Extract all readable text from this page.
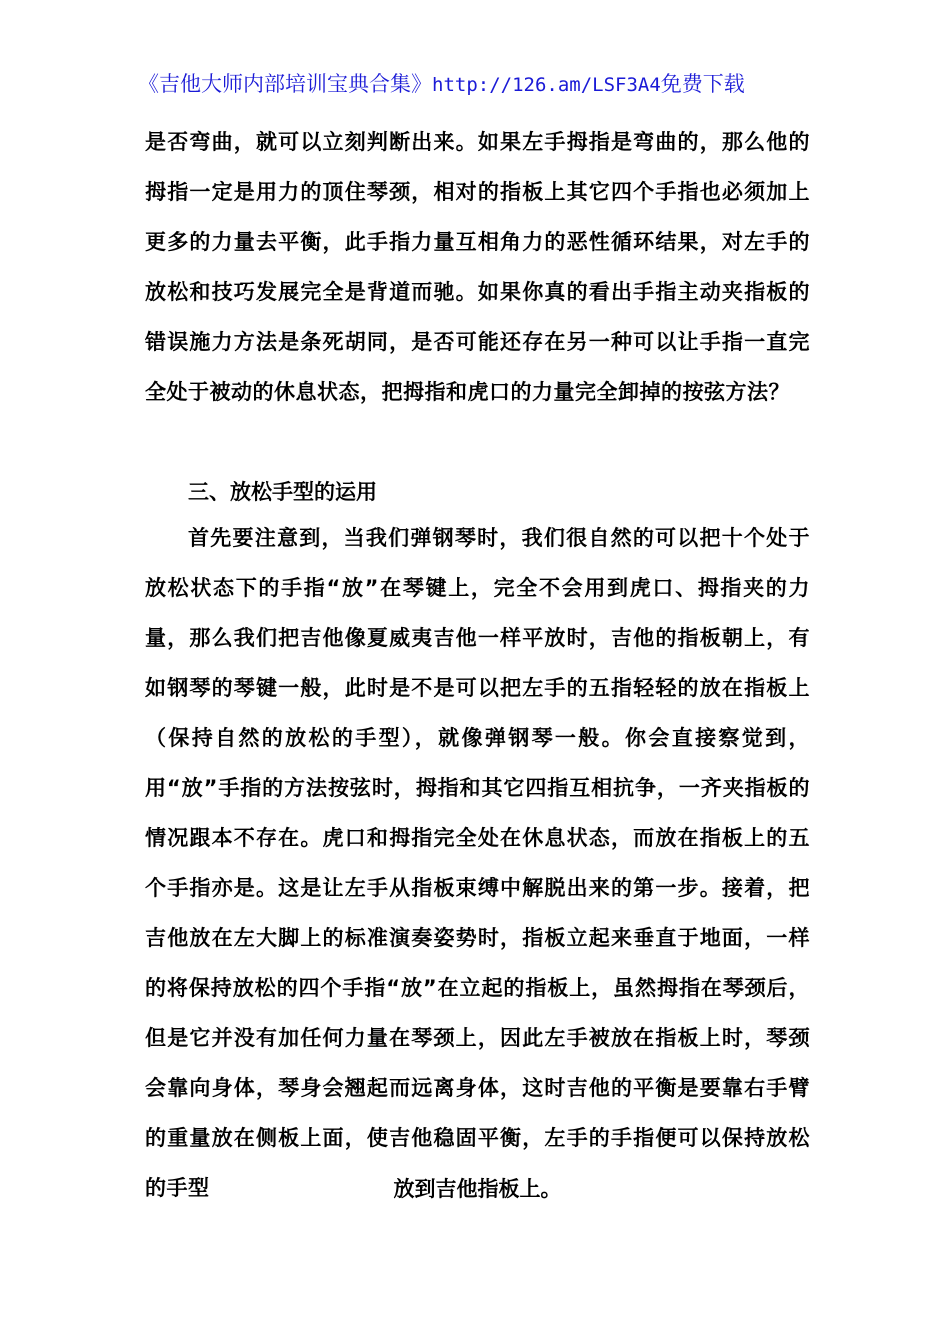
《吉他大师内部培训宝典合集》http://126.am/LSF3A4免费下载

是否弯曲，就可以立刻判断出来。如果左手拇指是弯曲的，那么他的拇指一定是用力的顶住琴颈，相对的指板上其它四个手指也必须加上更多的力量去平衡，此手指力量互相角力的恶性循环结果，对左手的放松和技巧发展完全是背道而驰。如果你真的看出手指主动夹指板的错误施力方法是条死胡同，是否可能还存在另一种可以让手指一直完全处于被动的休息状态，把拇指和虎口的力量完全卸掉的按弦方法？

三、放松手型的运用

首先要注意到，当我们弹钢琴时，我们很自然的可以把十个处于放松状态下的手指“放”在琴键上，完全不会用到虎口、拇指夹的力量，那么我们把吉他像夏威夷吉他一样平放时，吉他的指板朝上，有如钢琴的琴键一般，此时是不是可以把左手的五指轻轻的放在指板上（保持自然的放松的手型），就像弹钢琴一般。你会直接察觉到，用“放”手指的方法按弦时，拇指和其它四指互相抗争，一齐夹指板的情况跟本不存在。虎口和拇指完全处在休息状态，而放在指板上的五个手指亦是。这是让左手从指板束缚中解脱出来的第一步。接着，把吉他放在左大脚上的标准演奏姿势时，指板立起来垂直于地面，一样的将保持放松的四个手指“放”在立起的指板上，虽然拇指在琴颈后，但是它并没有加任何力量在琴颈上，因此左手被放在指板上时，琴颈会靠向身体，琴身会翘起而远离身体，这时吉他的平衡是要靠右手臂的重量放在侧板上面，使吉他稳固平衡，左手的手指便可以保持放松的手型	放到吉他指板上。
